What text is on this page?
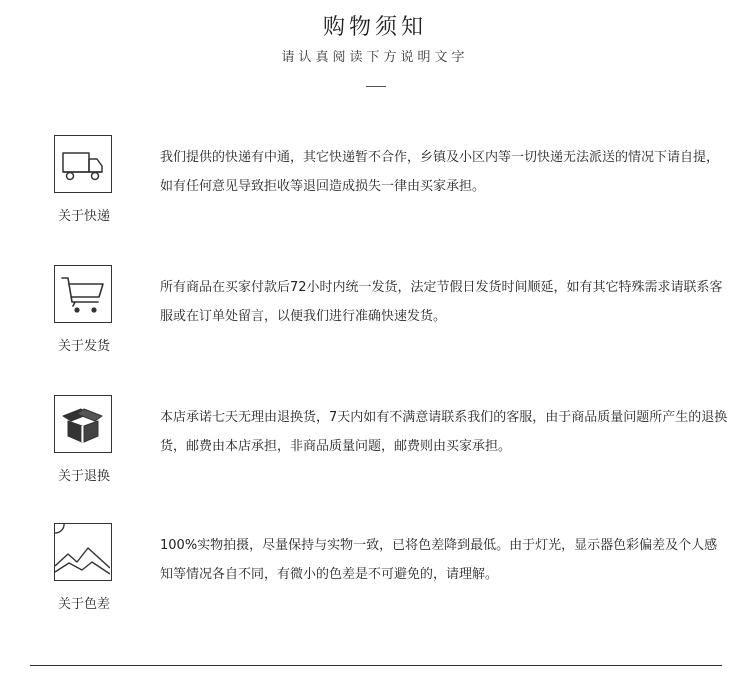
购物须知
请认真阅读下方说明文字
关于快递
我们提供的快递有中通，其它快递暂不合作，乡镇及小区内等一切快递无法派送的情况下请自提，如有任何意见导致拒收等退回造成损失一律由买家承担。
关于发货
所有商品在买家付款后72小时内统一发货，法定节假日发货时间顺延，如有其它特殊需求请联系客服或在订单处留言，以便我们进行准确快速发货。
关于退换
本店承诺七天无理由退换货，7天内如有不满意请联系我们的客服，由于商品质量问题所产生的退换货，邮费由本店承担，非商品质量问题，邮费则由买家承担。
关于色差
100%实物拍摄，尽量保持与实物一致，已将色差降到最低。由于灯光，显示器色彩偏差及个人感知等情况各自不同，有微小的色差是不可避免的，请理解。
